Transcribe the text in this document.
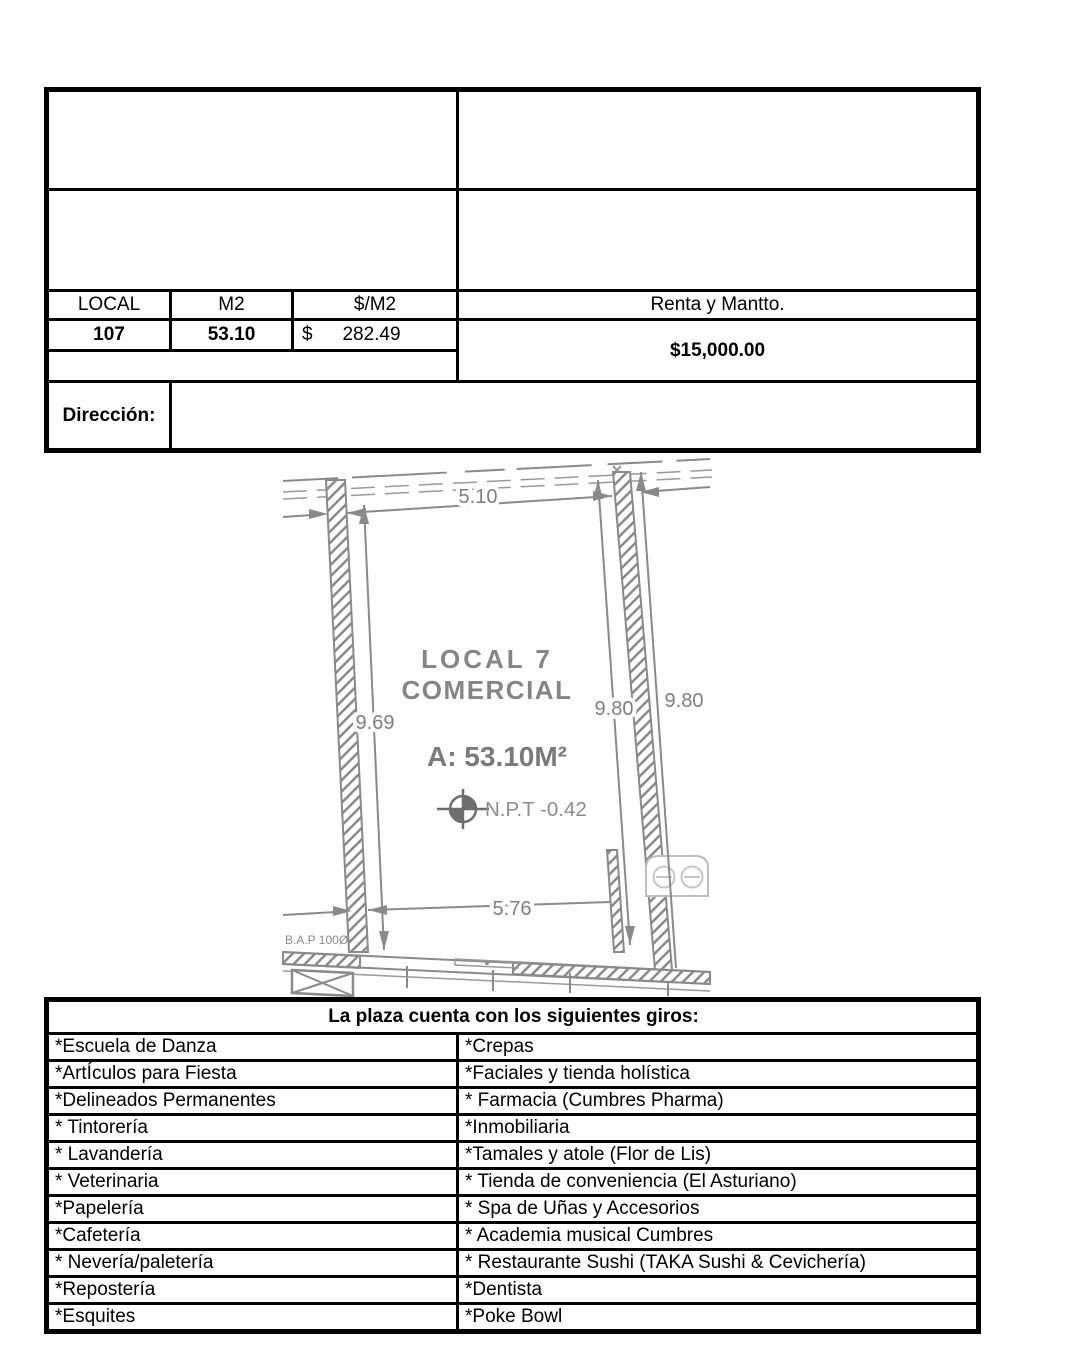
LOCAL	M2	$/M2	Renta y Mantto.
107	53.10	$ 282.49	$15,000.00

Dirección:			
5.10
9.69
9.80 9.80
5.76
LOCAL 7
COMERCIAL
A: 53.10M²
N.P.T -0.42
B.A.P 100Ø
La plaza cuenta con los siguientes giros:	
*Escuela de Danza	*Crepas
*ArtÍculos para Fiesta	*Faciales y tienda holística
*Delineados Permanentes	* Farmacia (Cumbres Pharma)
* Tintorería	*Inmobiliaria
* Lavandería	*Tamales y atole (Flor de Lis)
* Veterinaria	* Tienda de conveniencia (El Asturiano)
*Papelería	* Spa de Uñas y Accesorios
*Cafetería	* Academia musical Cumbres
* Nevería/paletería	* Restaurante Sushi (TAKA Sushi & Cevichería)
*Repostería	*Dentista
*Esquites	*Poke Bowl
